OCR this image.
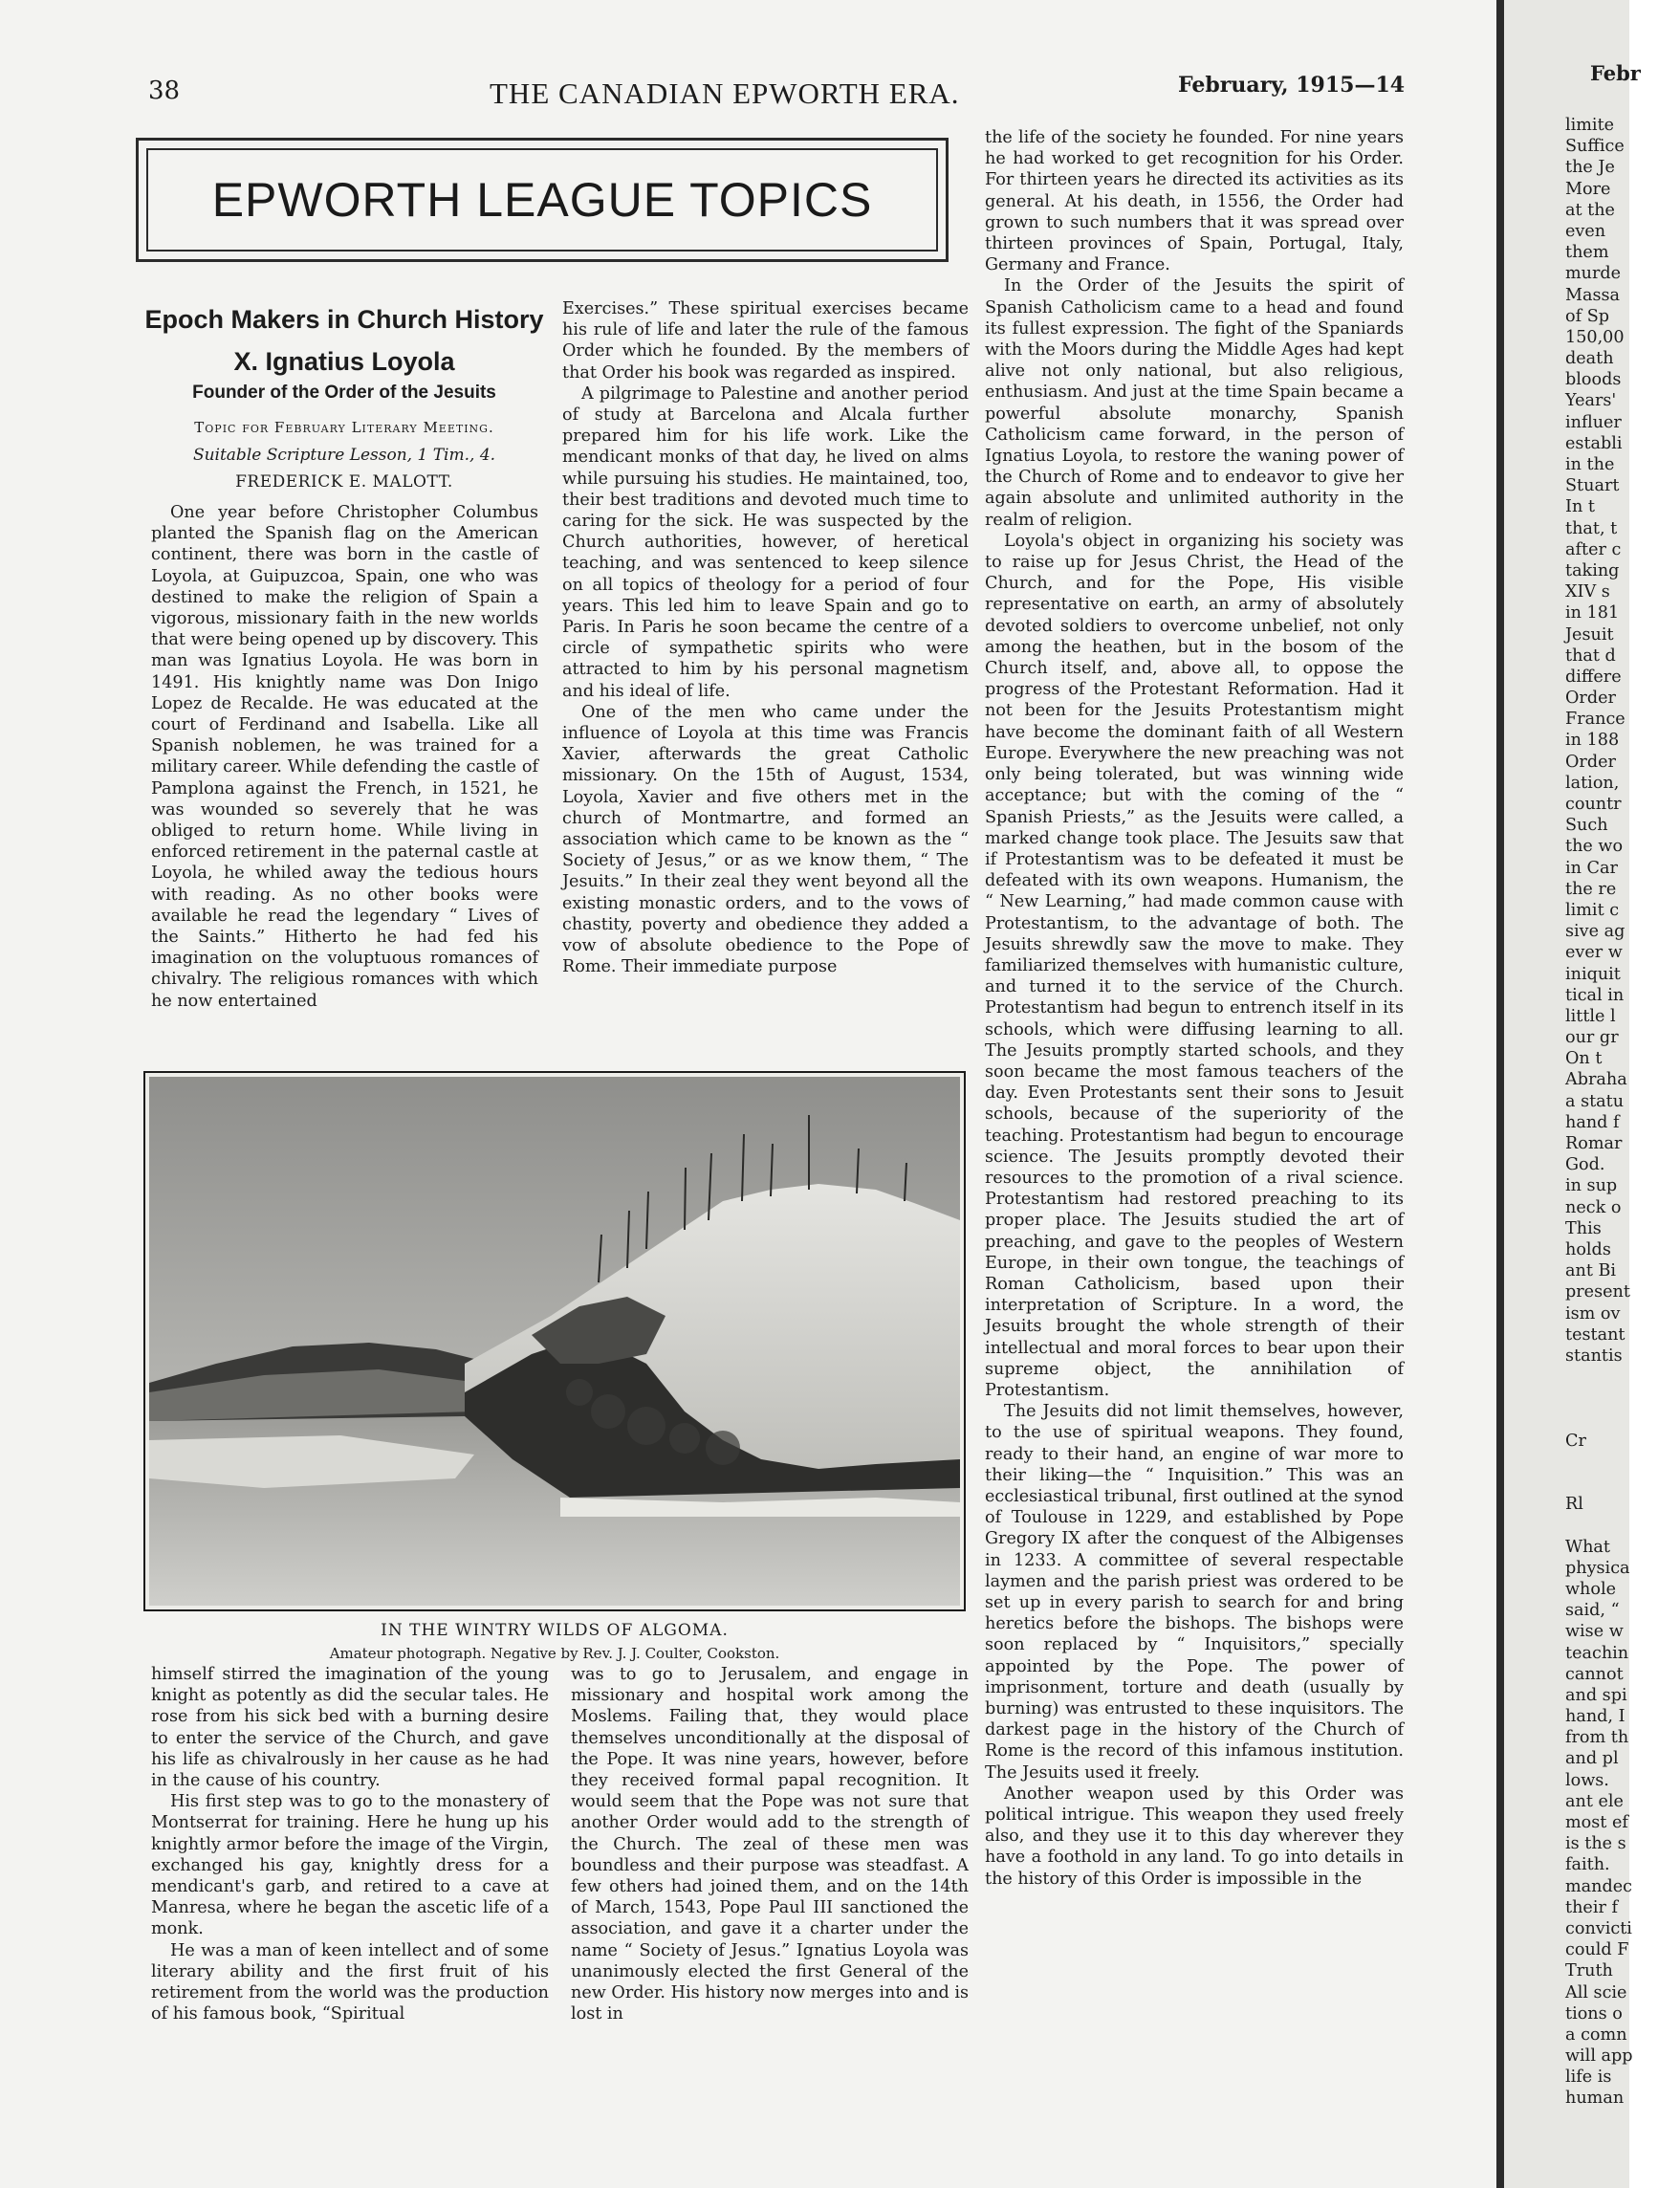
38	THE CANADIAN EPWORTH ERA.	February, 1915—14
EPWORTH LEAGUE TOPICS
Epoch Makers in Church History
X. Ignatius Loyola
Founder of the Order of the Jesuits
Topic for February Literary Meeting.
Suitable Scripture Lesson, 1 Tim., 4.
FREDERICK E. MALOTT.

One year before Christopher Columbus planted the Spanish flag on the American continent, there was born in the castle of Loyola, at Guipuzcoa, Spain, one who was destined to make the religion of Spain a vigorous, missionary faith in the new worlds that were being opened up by discovery. This man was Ignatius Loyola. He was born in 1491. His knightly name was Don Inigo Lopez de Recalde. He was educated at the court of Ferdinand and Isabella. Like all Spanish noblemen, he was trained for a military career. While defending the castle of Pamplona against the French, in 1521, he was wounded so severely that he was obliged to return home. While living in enforced retirement in the paternal castle at Loyola, he whiled away the tedious hours with reading. As no other books were available he read the legendary “ Lives of the Saints.” Hitherto he had fed his imagination on the voluptuous romances of chivalry. The religious romances with which he now entertained

Exercises.” These spiritual exercises became his rule of life and later the rule of the famous Order which he founded. By the members of that Order his book was regarded as inspired.

A pilgrimage to Palestine and another period of study at Barcelona and Alcala further prepared him for his life work. Like the mendicant monks of that day, he lived on alms while pursuing his studies. He maintained, too, their best traditions and devoted much time to caring for the sick. He was suspected by the Church authorities, however, of heretical teaching, and was sentenced to keep silence on all topics of theology for a period of four years. This led him to leave Spain and go to Paris. In Paris he soon became the centre of a circle of sympathetic spirits who were attracted to him by his personal magnetism and his ideal of life.

One of the men who came under the influence of Loyola at this time was Francis Xavier, afterwards the great Catholic missionary. On the 15th of August, 1534, Loyola, Xavier and five others met in the church of Montmartre, and formed an association which came to be known as the “ Society of Jesus,” or as we know them, “ The Jesuits.” In their zeal they went beyond all the existing monastic orders, and to the vows of chastity, poverty and obedience they added a vow of absolute obedience to the Pope of Rome. Their immediate purpose

the life of the society he founded. For nine years he had worked to get recognition for his Order. For thirteen years he directed its activities as its general. At his death, in 1556, the Order had grown to such numbers that it was spread over thirteen provinces of Spain, Portugal, Italy, Germany and France.

In the Order of the Jesuits the spirit of Spanish Catholicism came to a head and found its fullest expression. The fight of the Spaniards with the Moors during the Middle Ages had kept alive not only national, but also religious, enthusiasm. And just at the time Spain became a powerful absolute monarchy, Spanish Catholicism came forward, in the person of Ignatius Loyola, to restore the waning power of the Church of Rome and to endeavor to give her again absolute and unlimited authority in the realm of religion.

Loyola's object in organizing his society was to raise up for Jesus Christ, the Head of the Church, and for the Pope, His visible representative on earth, an army of absolutely devoted soldiers to overcome unbelief, not only among the heathen, but in the bosom of the Church itself, and, above all, to oppose the progress of the Protestant Reformation. Had it not been for the Jesuits Protestantism might have become the dominant faith of all Western Europe. Everywhere the new preaching was not only being tolerated, but was winning wide acceptance; but with the coming of the “ Spanish Priests,” as the Jesuits were called, a marked change took place. The Jesuits saw that if Protestantism was to be defeated it must be defeated with its own weapons. Humanism, the “ New Learning,” had made common cause with Protestantism, to the advantage of both. The Jesuits shrewdly saw the move to make. They familiarized themselves with humanistic culture, and turned it to the service of the Church. Protestantism had begun to entrench itself in its schools, which were diffusing learning to all. The Jesuits promptly started schools, and they soon became the most famous teachers of the day. Even Protestants sent their sons to Jesuit schools, because of the superiority of the teaching. Protestantism had begun to encourage science. The Jesuits promptly devoted their resources to the promotion of a rival science. Protestantism had restored preaching to its proper place. The Jesuits studied the art of preaching, and gave to the peoples of Western Europe, in their own tongue, the teachings of Roman Catholicism, based upon their interpretation of Scripture. In a word, the Jesuits brought the whole strength of their intellectual and moral forces to bear upon their supreme object, the annihilation of Protestantism.

The Jesuits did not limit themselves, however, to the use of spiritual weapons. They found, ready to their hand, an engine of war more to their liking—the “ Inquisition.” This was an ecclesiastical tribunal, first outlined at the synod of Toulouse in 1229, and established by Pope Gregory IX after the conquest of the Albigenses in 1233. A committee of several respectable laymen and the parish priest was ordered to be set up in every parish to search for and bring heretics before the bishops. The bishops were soon replaced by “ Inquisitors,” specially appointed by the Pope. The power of imprisonment, torture and death (usually by burning) was entrusted to these inquisitors. The darkest page in the history of the Church of Rome is the record of this infamous institution. The Jesuits used it freely.

Another weapon used by this Order was political intrigue. This weapon they used freely also, and they use it to this day wherever they have a foothold in any land. To go into details in the history of this Order is impossible in the

IN THE WINTRY WILDS OF ALGOMA.
Amateur photograph. Negative by Rev. J. J. Coulter, Cookston.

himself stirred the imagination of the young knight as potently as did the secular tales. He rose from his sick bed with a burning desire to enter the service of the Church, and gave his life as chivalrously in her cause as he had in the cause of his country.

His first step was to go to the monastery of Montserrat for training. Here he hung up his knightly armor before the image of the Virgin, exchanged his gay, knightly dress for a mendicant's garb, and retired to a cave at Manresa, where he began the ascetic life of a monk.

He was a man of keen intellect and of some literary ability and the first fruit of his retirement from the world was the production of his famous book, “Spiritual

was to go to Jerusalem, and engage in missionary and hospital work among the Moslems. Failing that, they would place themselves unconditionally at the disposal of the Pope. It was nine years, however, before they received formal papal recognition. It would seem that the Pope was not sure that another Order would add to the strength of the Church. The zeal of these men was boundless and their purpose was steadfast. A few others had joined them, and on the 14th of March, 1543, Pope Paul III sanctioned the association, and gave it a charter under the name “ Society of Jesus.” Ignatius Loyola was unanimously elected the first General of the new Order. His history now merges into and is lost in

Febr
limite
Suffice
the Je
More
at the
even
them
murde
Massa
of Sp
150,00
death
bloods
Years'
influer
establi
in the
Stuart
In t
that, t
after c
taking
XIV s
in 181
Jesuit
that d
differe
Order
France
in 188
Order
lation,
countr
Such
the wo
in Car
the re
limit c
sive ag
ever w
iniquit
tical in
little l
our gr
On t
Abraha
a statu
hand f
Romar
God.
in sup
neck o
This
holds
ant Bi
present
ism ov
testant
stantis
Cr
Rl
What
physica
whole
said, “
wise w
teachin
cannot
and spi
hand, I
from th
and pl
lows.
ant ele
most ef
is the s
faith.
mandec
their f
convicti
could F
Truth
All scie
tions o
a comn
will app
life is
human
